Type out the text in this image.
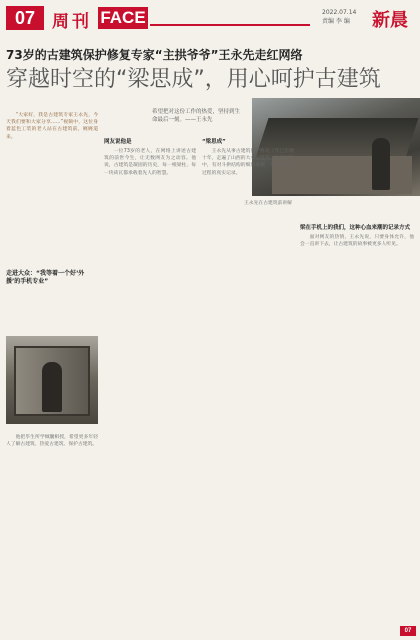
07 周刊 FACE	2022.07.14
责编 李 编	新晨
73岁的古建筑保护修复专家“主拱爷爷”王永先走红网络
穿越时空的“梁思成”，用心呵护古建筑

“大家好，我是古建筑专家王永先，今天我们要和大家分享……”视频中，这位身着蓝色工装的老人站在古建筑前，娓娓道来。

希望把对这份工作的热爱，坚持到生命最后一刻。——王永先
王永先在古建筑前讲解
走进大众：“我等着一个好‘外援’的手机专业”

网友说他是

一位73岁的老人，在网络上讲述古建筑的前世今生，让无数网友为之动容。他说，古建筑是凝固的历史，每一根梁柱、每一块砖瓦都承载着先人的智慧。

“梁思成”

王永先从事古建筑保护修复工作已有数十年，走遍了山西的大小古建筑。他的视频中，有对斗拱结构的细致讲解，也有对修缮过程的真实记录。

他把毕生所学倾囊相授，希望更多年轻人了解古建筑、热爱古建筑、保护古建筑。

梁在手机上的我们，这种心血来潮的记录方式

面对网友的热情，王永先说，只要身体允许，他会一直讲下去，让古建筑的故事被更多人听见。

07
